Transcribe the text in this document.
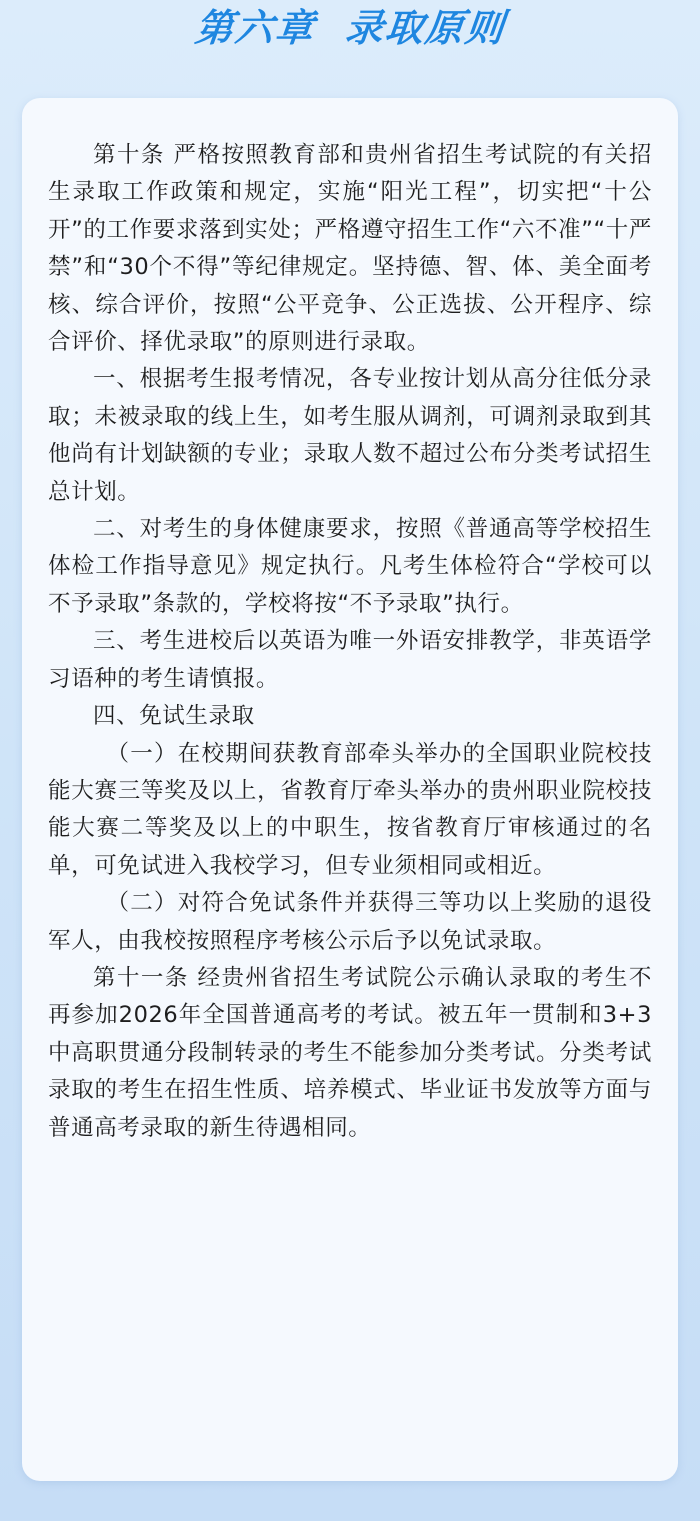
第六章 录取原则

第十条 严格按照教育部和贵州省招生考试院的有关招生录取工作政策和规定，实施“阳光工程”，切实把“十公开”的工作要求落到实处；严格遵守招生工作“六不准”“十严禁”和“30个不得”等纪律规定。坚持德、智、体、美全面考核、综合评价，按照“公平竞争、公正选拔、公开程序、综合评价、择优录取”的原则进行录取。

一、根据考生报考情况，各专业按计划从高分往低分录取；未被录取的线上生，如考生服从调剂，可调剂录取到其他尚有计划缺额的专业；录取人数不超过公布分类考试招生总计划。

二、对考生的身体健康要求，按照《普通高等学校招生体检工作指导意见》规定执行。凡考生体检符合“学校可以不予录取”条款的，学校将按“不予录取”执行。

三、考生进校后以英语为唯一外语安排教学，非英语学习语种的考生请慎报。

四、免试生录取

（一）在校期间获教育部牵头举办的全国职业院校技能大赛三等奖及以上，省教育厅牵头举办的贵州职业院校技能大赛二等奖及以上的中职生，按省教育厅审核通过的名单，可免试进入我校学习，但专业须相同或相近。

（二）对符合免试条件并获得三等功以上奖励的退役军人，由我校按照程序考核公示后予以免试录取。

第十一条 经贵州省招生考试院公示确认录取的考生不再参加2026年全国普通高考的考试。被五年一贯制和3+3中高职贯通分段制转录的考生不能参加分类考试。分类考试录取的考生在招生性质、培养模式、毕业证书发放等方面与普通高考录取的新生待遇相同。
